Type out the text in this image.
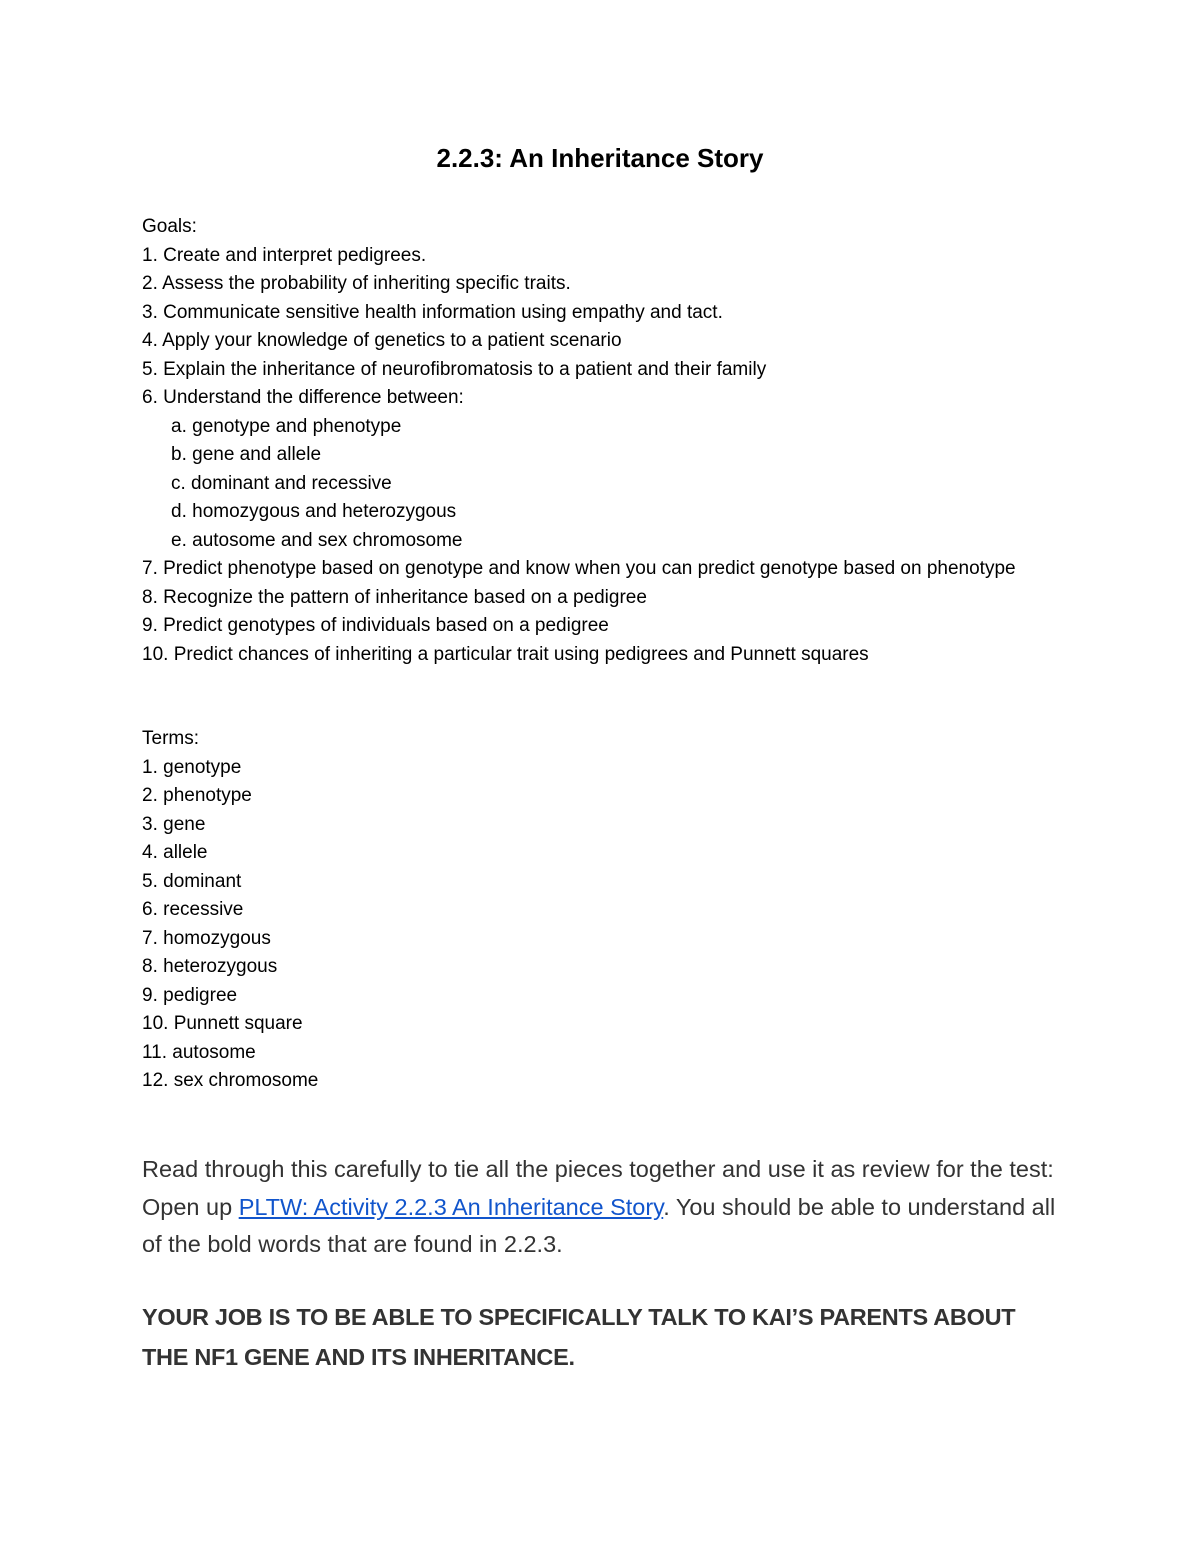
2.2.3: An Inheritance Story
Goals:
1. Create and interpret pedigrees.
2. Assess the probability of inheriting specific traits.
3. Communicate sensitive health information using empathy and tact.
4. Apply your knowledge of genetics to a patient scenario
5. Explain the inheritance of neurofibromatosis to a patient and their family
6. Understand the difference between:
a. genotype and phenotype
b. gene and allele
c. dominant and recessive
d. homozygous and heterozygous
e. autosome and sex chromosome
7. Predict phenotype based on genotype and know when you can predict genotype based on phenotype
8. Recognize the pattern of inheritance based on a pedigree
9. Predict genotypes of individuals based on a pedigree
10. Predict chances of inheriting a particular trait using pedigrees and Punnett squares
Terms:
1. genotype
2. phenotype
3. gene
4. allele
5. dominant
6. recessive
7. homozygous
8. heterozygous
9. pedigree
10. Punnett square
11. autosome
12. sex chromosome

Read through this carefully to tie all the pieces together and use it as review for the test: Open up PLTW: Activity 2.2.3 An Inheritance Story. You should be able to understand all of the bold words that are found in 2.2.3.

YOUR JOB IS TO BE ABLE TO SPECIFICALLY TALK TO KAI’S PARENTS ABOUT THE NF1 GENE AND ITS INHERITANCE.
